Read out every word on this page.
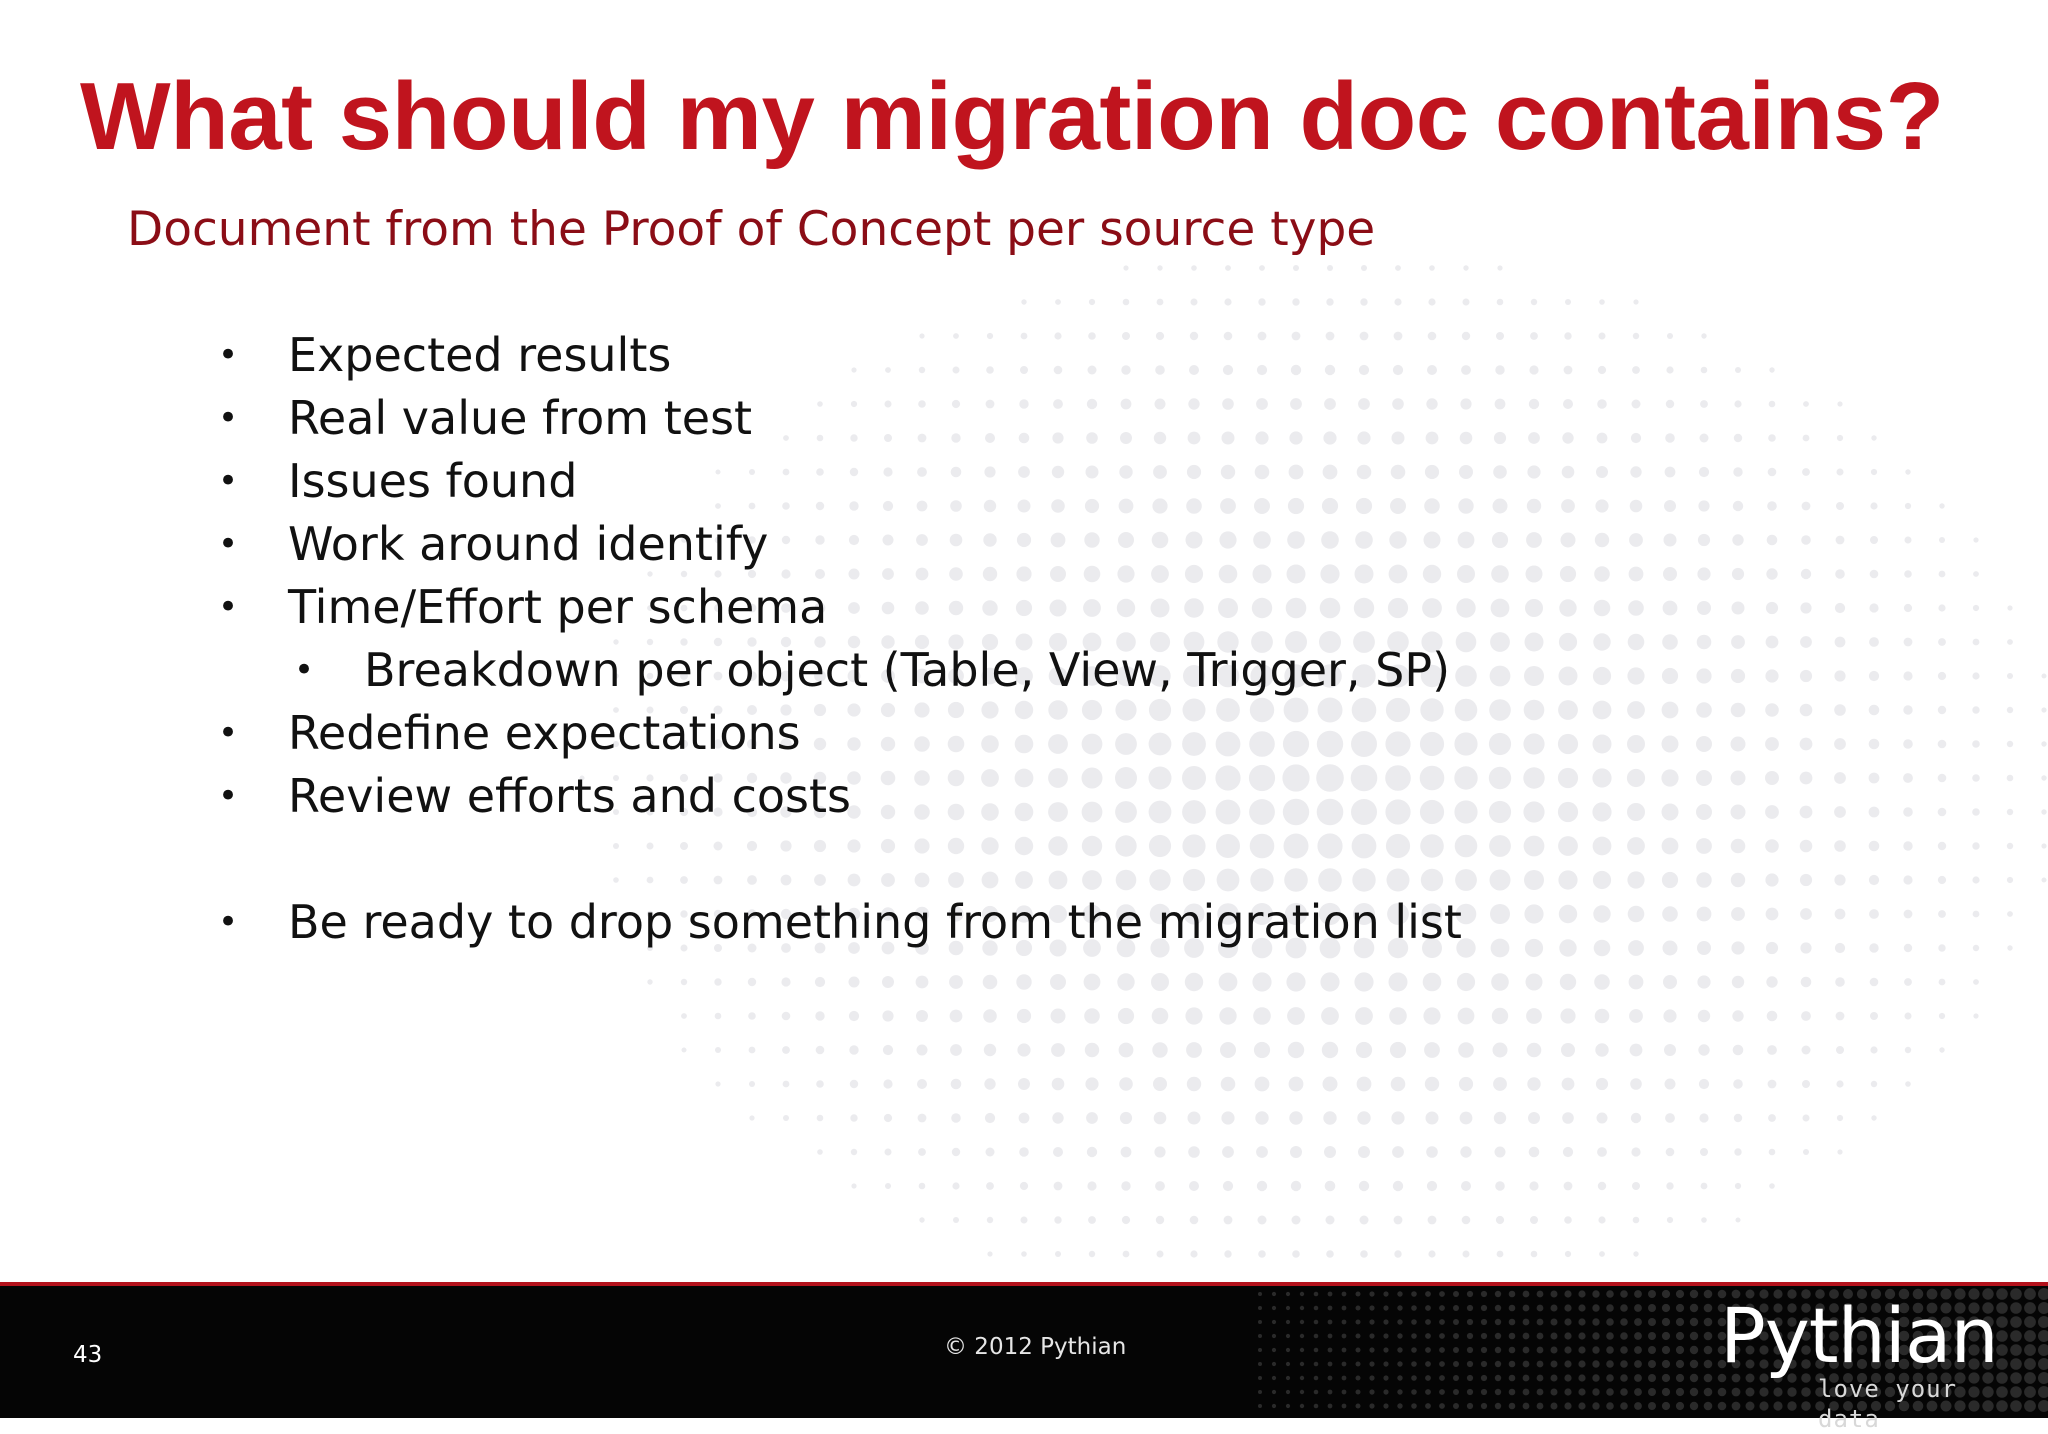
What should my migration doc contains?
Document from the Proof of Concept per source type
• Expected results
• Real value from test
• Issues found
• Work around identify
• Time/Effort per schema
• Breakdown per object (Table, View, Trigger, SP)
• Redefine expectations
• Review efforts and costs
• Be ready to drop something from the migration list
43	© 2012 Pythian	Pythian
love your data
